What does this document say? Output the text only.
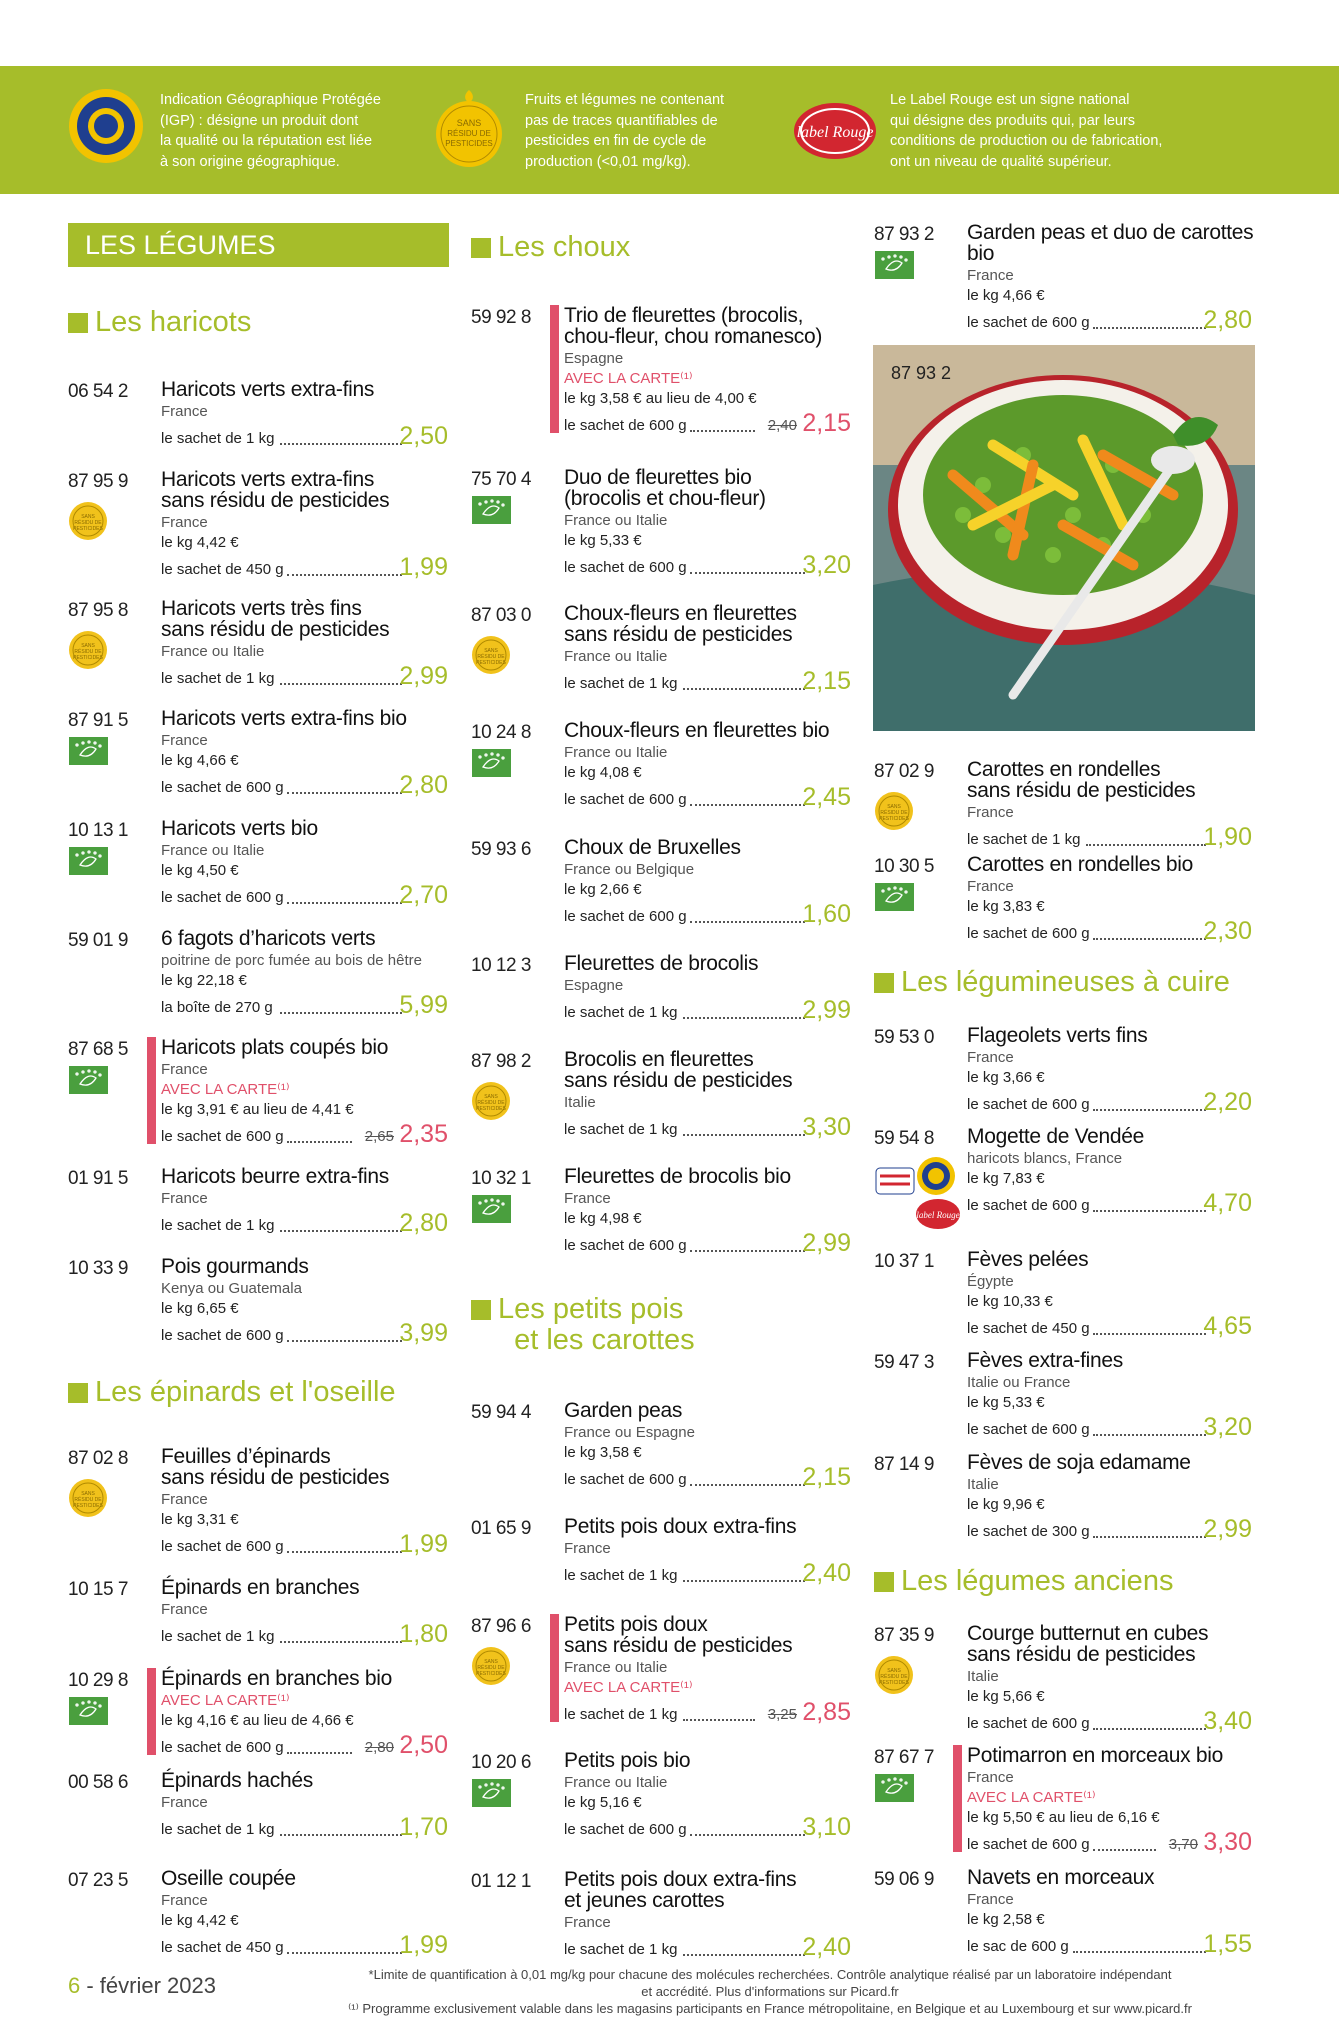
Indication Géographique Protégée
(IGP) : désigne un produit dont
la qualité ou la réputation est liée
à son origine géographique.
SANS
RÉSIDU DE
PESTICIDES
Fruits et légumes ne contenant
pas de traces quantifiables de
pesticides en fin de cycle de
production (<0,01 mg/kg).
label Rouge
Le Label Rouge est un signe national
qui désigne des produits qui, par leurs
conditions de production ou de fabrication,
ont un niveau de qualité supérieur.
LES LÉGUMES
Les haricots
Les épinards et l'oseille
Les choux
Les petits pois
et les carottes
Les légumineuses à cuire
Les légumes anciens
87 93 2
06 54 2 Haricots verts extra-fins
France
le sachet de 1 kg	2,50
87 95 9
SANS
RÉSIDU DE
PESTICIDES
Haricots verts extra-fins
sans résidu de pesticides
France
le kg 4,42 €
le sachet de 450 g	1,99
87 95 8
SANS
RÉSIDU DE
PESTICIDES
Haricots verts très fins
sans résidu de pesticides
France ou Italie
le sachet de 1 kg	2,99
87 91 5 Haricots verts extra-fins bio
France
le kg 4,66 €
le sachet de 600 g	2,80
10 13 1 Haricots verts bio
France ou Italie
le kg 4,50 €
le sachet de 600 g	2,70
59 01 9 6 fagots d’haricots verts
poitrine de porc fumée au bois de hêtre
le kg 22,18 €
la boîte de 270 g	5,99
87 68 5 Haricots plats coupés bio
France
AVEC LA CARTE⁽¹⁾
le kg 3,91 € au lieu de 4,41 €
le sachet de 600 g	2,65 2,35
01 91 5 Haricots beurre extra-fins
France
le sachet de 1 kg	2,80
10 33 9 Pois gourmands
Kenya ou Guatemala
le kg 6,65 €
le sachet de 600 g	3,99
87 02 8
SANS
RÉSIDU DE
PESTICIDES
Feuilles d’épinards
sans résidu de pesticides
France
le kg 3,31 €
le sachet de 600 g	1,99
10 15 7 Épinards en branches
France
le sachet de 1 kg	1,80
10 29 8 Épinards en branches bio
AVEC LA CARTE⁽¹⁾
le kg 4,16 € au lieu de 4,66 €
le sachet de 600 g	2,80 2,50
00 58 6 Épinards hachés
France
le sachet de 1 kg	1,70
07 23 5 Oseille coupée
France
le kg 4,42 €
le sachet de 450 g	1,99
59 92 8 Trio de fleurettes (brocolis,
chou-fleur, chou romanesco)
Espagne
AVEC LA CARTE⁽¹⁾
le kg 3,58 € au lieu de 4,00 €
le sachet de 600 g	2,40 2,15
75 70 4 Duo de fleurettes bio
(brocolis et chou-fleur)
France ou Italie
le kg 5,33 €
le sachet de 600 g	3,20
87 03 0
SANS
RÉSIDU DE
PESTICIDES
Choux-fleurs en fleurettes
sans résidu de pesticides
France ou Italie
le sachet de 1 kg	2,15
10 24 8 Choux-fleurs en fleurettes bio
France ou Italie
le kg 4,08 €
le sachet de 600 g	2,45
59 93 6 Choux de Bruxelles
France ou Belgique
le kg 2,66 €
le sachet de 600 g	1,60
10 12 3 Fleurettes de brocolis
Espagne
le sachet de 1 kg	2,99
87 98 2
SANS
RÉSIDU DE
PESTICIDES
Brocolis en fleurettes
sans résidu de pesticides
Italie
le sachet de 1 kg	3,30
10 32 1 Fleurettes de brocolis bio
France
le kg 4,98 €
le sachet de 600 g	2,99
59 94 4 Garden peas
France ou Espagne
le kg 3,58 €
le sachet de 600 g	2,15
01 65 9 Petits pois doux extra-fins
France
le sachet de 1 kg	2,40
87 96 6
SANS
RÉSIDU DE
PESTICIDES
Petits pois doux
sans résidu de pesticides
France ou Italie
AVEC LA CARTE⁽¹⁾
le sachet de 1 kg	3,25 2,85
10 20 6 Petits pois bio
France ou Italie
le kg 5,16 €
le sachet de 600 g	3,10
01 12 1 Petits pois doux extra-fins
et jeunes carottes
France
le sachet de 1 kg	2,40
87 93 2 Garden peas et duo de carottes
bio
France
le kg 4,66 €
le sachet de 600 g	2,80
87 02 9
SANS
RÉSIDU DE
PESTICIDES
Carottes en rondelles
sans résidu de pesticides
France
le sachet de 1 kg	1,90
10 30 5 Carottes en rondelles bio
France
le kg 3,83 €
le sachet de 600 g	2,30
59 53 0 Flageolets verts fins
France
le kg 3,66 €
le sachet de 600 g	2,20
59 54 8
label Rouge
Mogette de Vendée
haricots blancs, France
le kg 7,83 €
le sachet de 600 g	4,70
10 37 1 Fèves pelées
Égypte
le kg 10,33 €
le sachet de 450 g	4,65
59 47 3 Fèves extra-fines
Italie ou France
le kg 5,33 €
le sachet de 600 g	3,20
87 14 9 Fèves de soja edamame
Italie
le kg 9,96 €
le sachet de 300 g	2,99
87 35 9
SANS
RÉSIDU DE
PESTICIDES
Courge butternut en cubes
sans résidu de pesticides
Italie
le kg 5,66 €
le sachet de 600 g	3,40
87 67 7 Potimarron en morceaux bio
France
AVEC LA CARTE⁽¹⁾
le kg 5,50 € au lieu de 6,16 €
le sachet de 600 g	3,70 3,30
59 06 9 Navets en morceaux
France
le kg 2,58 €
le sac de 600 g	1,55
6 - février 2023	*Limite de quantification à 0,01 mg/kg pour chacune des molécules recherchées. Contrôle analytique réalisé par un laboratoire indépendant
et accrédité. Plus d'informations sur Picard.fr
⁽¹⁾ Programme exclusivement valable dans les magasins participants en France métropolitaine, en Belgique et au Luxembourg et sur www.picard.fr
